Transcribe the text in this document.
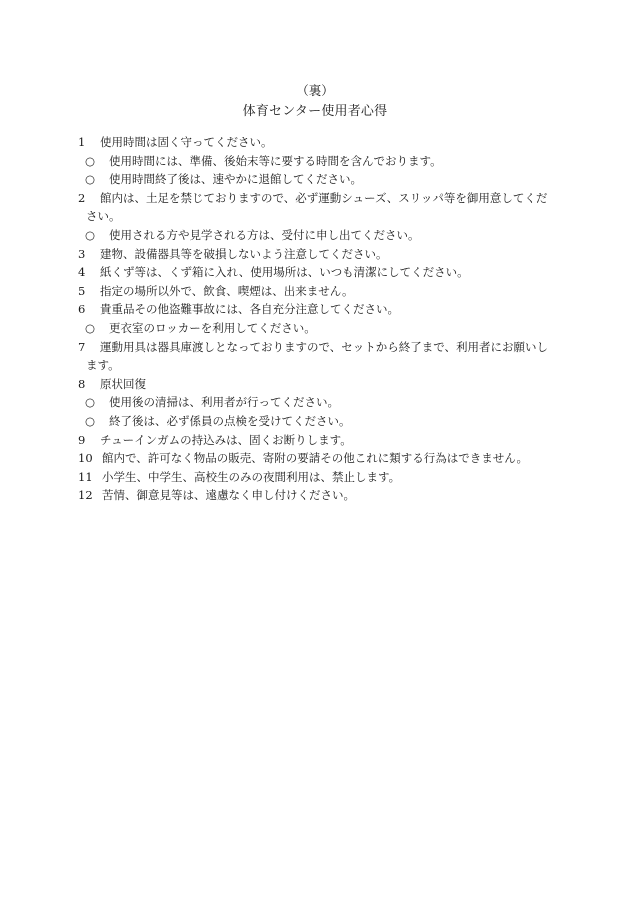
（裏）
体育センター使用者心得
1	使用時間は固く守ってください。
○	使用時間には、準備、後始末等に要する時間を含んでおります。
○	使用時間終了後は、速やかに退館してください。
2	館内は、土足を禁じておりますので、必ず運動シューズ、スリッパ等を御用意してくだ
さい。
○	使用される方や見学される方は、受付に申し出てください。
3	建物、設備器具等を破損しないよう注意してください。
4	紙くず等は、くず箱に入れ、使用場所は、いつも清潔にしてください。
5	指定の場所以外で、飲食、喫煙は、出来ません。
6	貴重品その他盗難事故には、各自充分注意してください。
○	更衣室のロッカーを利用してください。
7	運動用具は器具庫渡しとなっておりますので、セットから終了まで、利用者にお願いし
ます。
8	原状回復
○	使用後の清掃は、利用者が行ってください。
○	終了後は、必ず係員の点検を受けてください。
9	チューインガムの持込みは、固くお断りします。
10 館内で、許可なく物品の販売、寄附の要請その他これに類する行為はできません。
11 小学生、中学生、高校生のみの夜間利用は、禁止します。
12 苦情、御意見等は、遠慮なく申し付けください。
